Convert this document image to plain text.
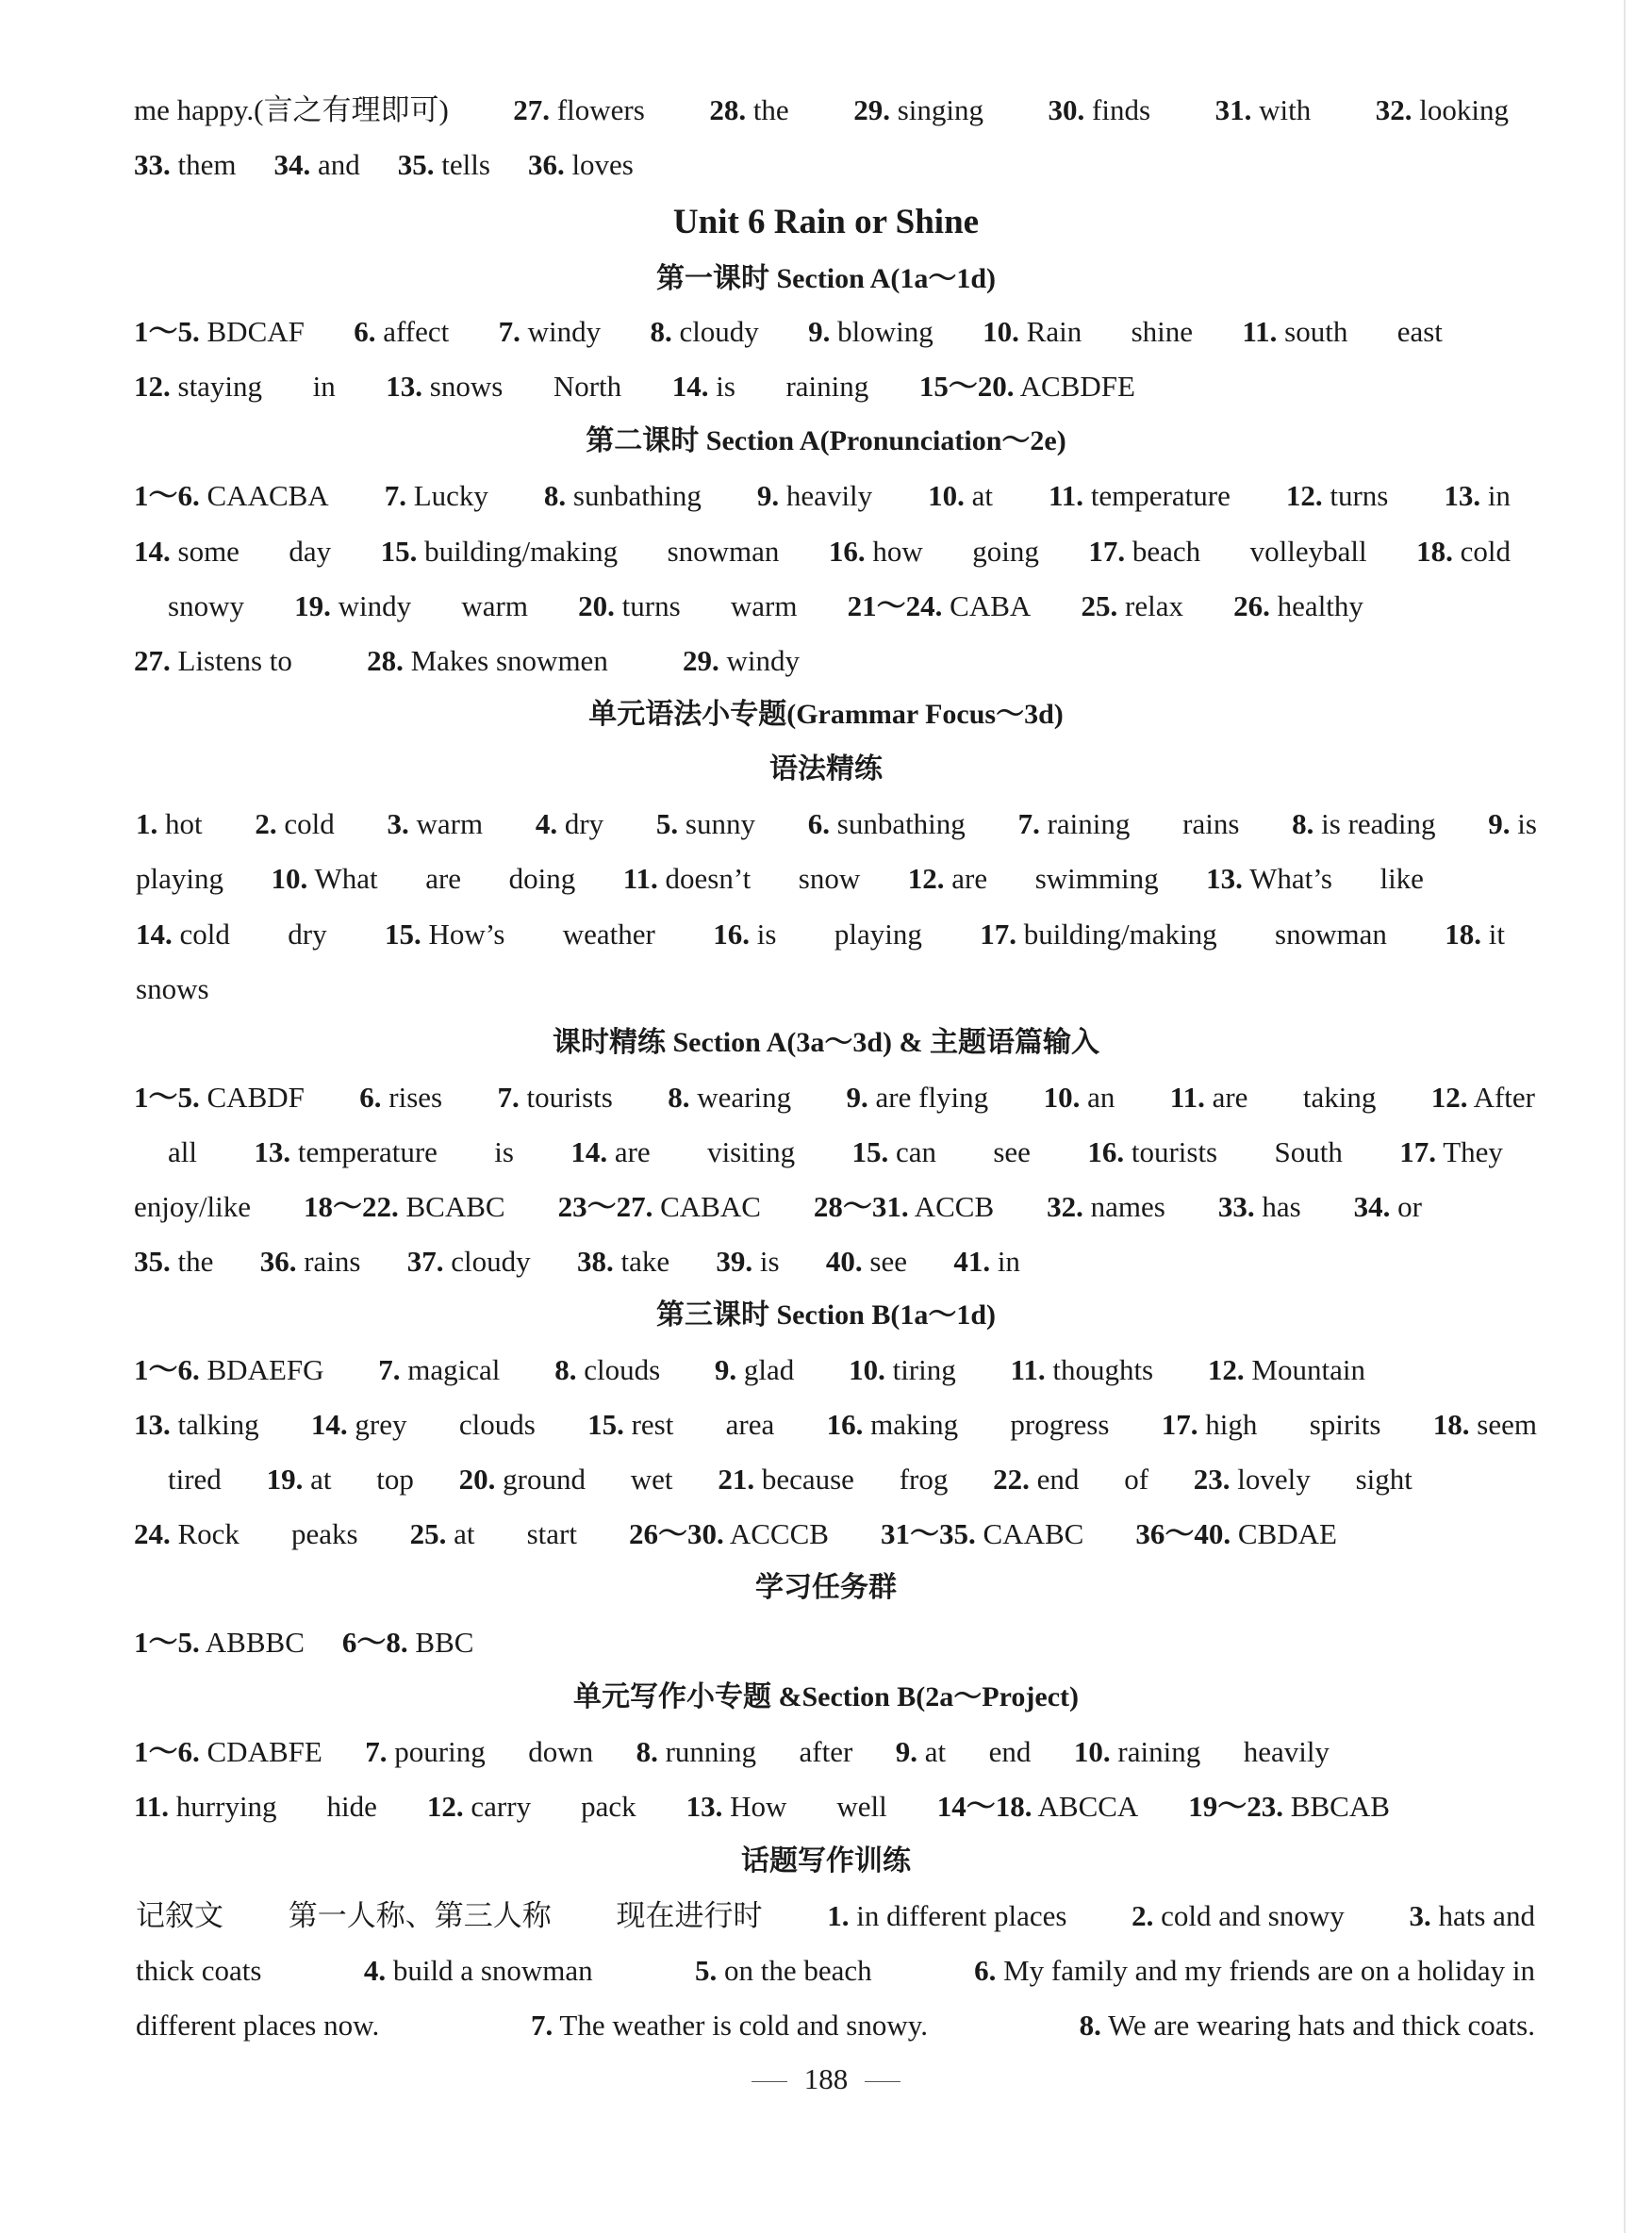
me happy.(言之有理即可) 27. flowers 28. the 29. singing 30. finds 31. with 32. looking
33. them 34. and 35. tells 36. loves
Unit 6 Rain or Shine
第一课时 Section A(1a～1d)
1～5. BDCAF 6. affect 7. windy 8. cloudy 9. blowing 10. Rain shine 11. south east
12. staying in 13. snows North 14. is raining 15～20. ACBDFE
第二课时 Section A(Pronunciation～2e)
1～6. CAACBA 7. Lucky 8. sunbathing 9. heavily 10. at 11. temperature 12. turns 13. in
14. some day 15. building/making snowman 16. how going 17. beach volleyball 18. cold
snowy 19. windy warm 20. turns warm 21～24. CABA 25. relax 26. healthy
27. Listens to	28. Makes snowmen	29. windy
单元语法小专题(Grammar Focus～3d)
语法精练
1. hot 2. cold 3. warm 4. dry 5. sunny 6. sunbathing 7. raining rains 8. is reading 9. is
playing 10. What are doing 11. doesn’t snow 12. are swimming 13. What’s like
14. cold dry 15. How’s weather 16. is playing 17. building/making snowman 18. it
snows
课时精练 Section A(3a～3d) & 主题语篇输入
1～5. CABDF 6. rises 7. tourists 8. wearing 9. are flying 10. an 11. are taking 12. After
all 13. temperature is 14. are visiting 15. can see 16. tourists South 17. They
enjoy/like 18～22. BCABC 23～27. CABAC 28～31. ACCB 32. names 33. has 34. or
35. the 36. rains 37. cloudy 38. take 39. is 40. see 41. in
第三课时 Section B(1a～1d)
1～6. BDAEFG 7. magical 8. clouds 9. glad 10. tiring 11. thoughts 12. Mountain
13. talking 14. grey clouds 15. rest area 16. making progress 17. high spirits 18. seem
tired 19. at top 20. ground wet 21. because frog 22. end of 23. lovely sight
24. Rock peaks 25. at start 26～30. ACCCB 31～35. CAABC 36～40. CBDAE
学习任务群
1～5. ABBBC 6～8. BBC
单元写作小专题 &Section B(2a～Project)
1～6. CDABFE 7. pouring down 8. running after 9. at end 10. raining heavily
11. hurrying hide 12. carry pack 13. How well 14～18. ABCCA 19～23. BBCAB
话题写作训练
记叙文 第一人称、第三人称 现在进行时 1. in different places 2. cold and snowy 3. hats and
thick coats	4. build a snowman	5. on the beach	6. My family and my friends are on a holiday in
different places now.	7. The weather is cold and snowy.	8. We are wearing hats and thick coats.
188
